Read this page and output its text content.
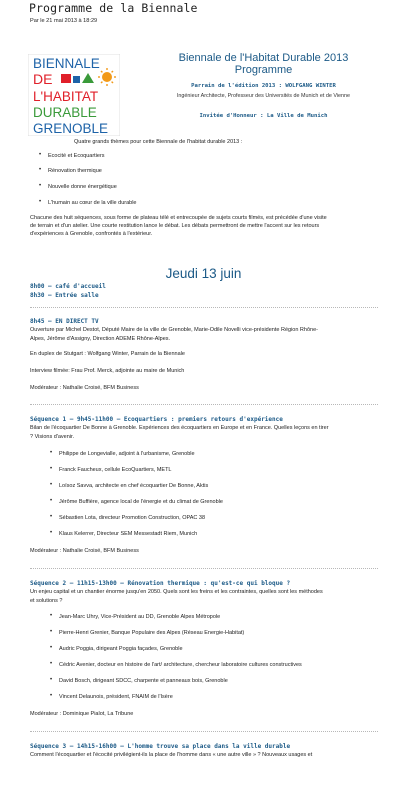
Programme de la Biennale
Par le 21 mai 2013 à 18:29
BIENNALE
DE
L'HABITAT
DURABLE
GRENOBLE
Biennale de l'Habitat Durable 2013
Programme
Parrain de l'édition 2013 : WOLFGANG WINTER
Ingénieur Architecte, Professeur des Universités de Munich et de Vienne
Invitée d'Honneur : La Ville de Munich
Quatre grands thèmes pour cette Biennale de l'habitat durable 2013 :
• Ecocité et Ecoquartiers
• Rénovation thermique
• Nouvelle donne énergétique
• L'humain au cœur de la ville durable
Chacune des huit séquences, sous forme de plateau télé et entrecoupée de sujets courts filmés, est précédée d'une visite
de terrain et d'un atelier. Une courte restitution lance le débat. Les débats permettront de mettre l'accent sur les retours
d'expériences à Grenoble, confrontés à l'extérieur.
Jeudi 13 juin
8h00 – café d'accueil
8h30 – Entrée salle
8h45 – EN DIRECT TV
Ouverture par Michel Destot, Député Maire de la ville de Grenoble, Marie-Odile Novelli vice-présidente Région Rhône-
Alpes, Jérôme d'Assigny, Direction ADEME Rhône-Alpes.
En duplex de Stutgart : Wolfgang Winter, Parrain de la Biennale
Interview filmée: Frau Prof. Merck, adjointe au maire de Munich
Modérateur : Nathalie Croisé, BFM Business
Séquence 1 – 9h45-11h00 – Ecoquartiers : premiers retours d'expérience
Bilan de l'écoquartier De Bonne à Grenoble. Expériences des écoquartiers en Europe et en France. Quelles leçons en tirer
? Visions d'avenir.
• Philippe de Longevialle, adjoint à l'urbanisme, Grenoble
• Franck Faucheux, cellule EcoQuartiers, METL
• Loïsoz Savva, architecte en chef écoquartier De Bonne, Aktis
• Jérôme Buffière, agence local de l'énergie et du climat de Grenoble
• Sébastien Lota, directeur Promotion Construction, OPAC 38
• Klaus Kelerrer, Directeur SEM Messestadt Riem, Munich
Modérateur : Nathalie Croisé, BFM Business
Séquence 2 – 11h15-13h00 – Rénovation thermique : qu'est-ce qui bloque ?
Un enjeu capital et un chantier énorme jusqu'en 2050. Quels sont les freins et les contraintes, quelles sont les méthodes
et solutions ?
• Jean-Marc Uhry, Vice-Président au DD, Grenoble Alpes Métropole
• Pierre-Henri Grenier, Banque Populaire des Alpes (Réseau Energie-Habitat)
• Audric Poggia, dirigeant Poggia façades, Grenoble
• Cédric Avenier, docteur en histoire de l'art/ architecture, chercheur laboratoire cultures constructives
• David Bosch, dirigeant SDCC, charpente et panneaux bois, Grenoble
• Vincent Delaunois, président, FNAIM de l'Isère
Modérateur : Dominique Pialot, La Tribune
Séquence 3 – 14h15-16h00 – L'homme trouve sa place dans la ville durable
Comment l'écoquartier et l'écocité privilégient-ils la place de l'homme dans « une autre ville » ? Nouveaux usages et
